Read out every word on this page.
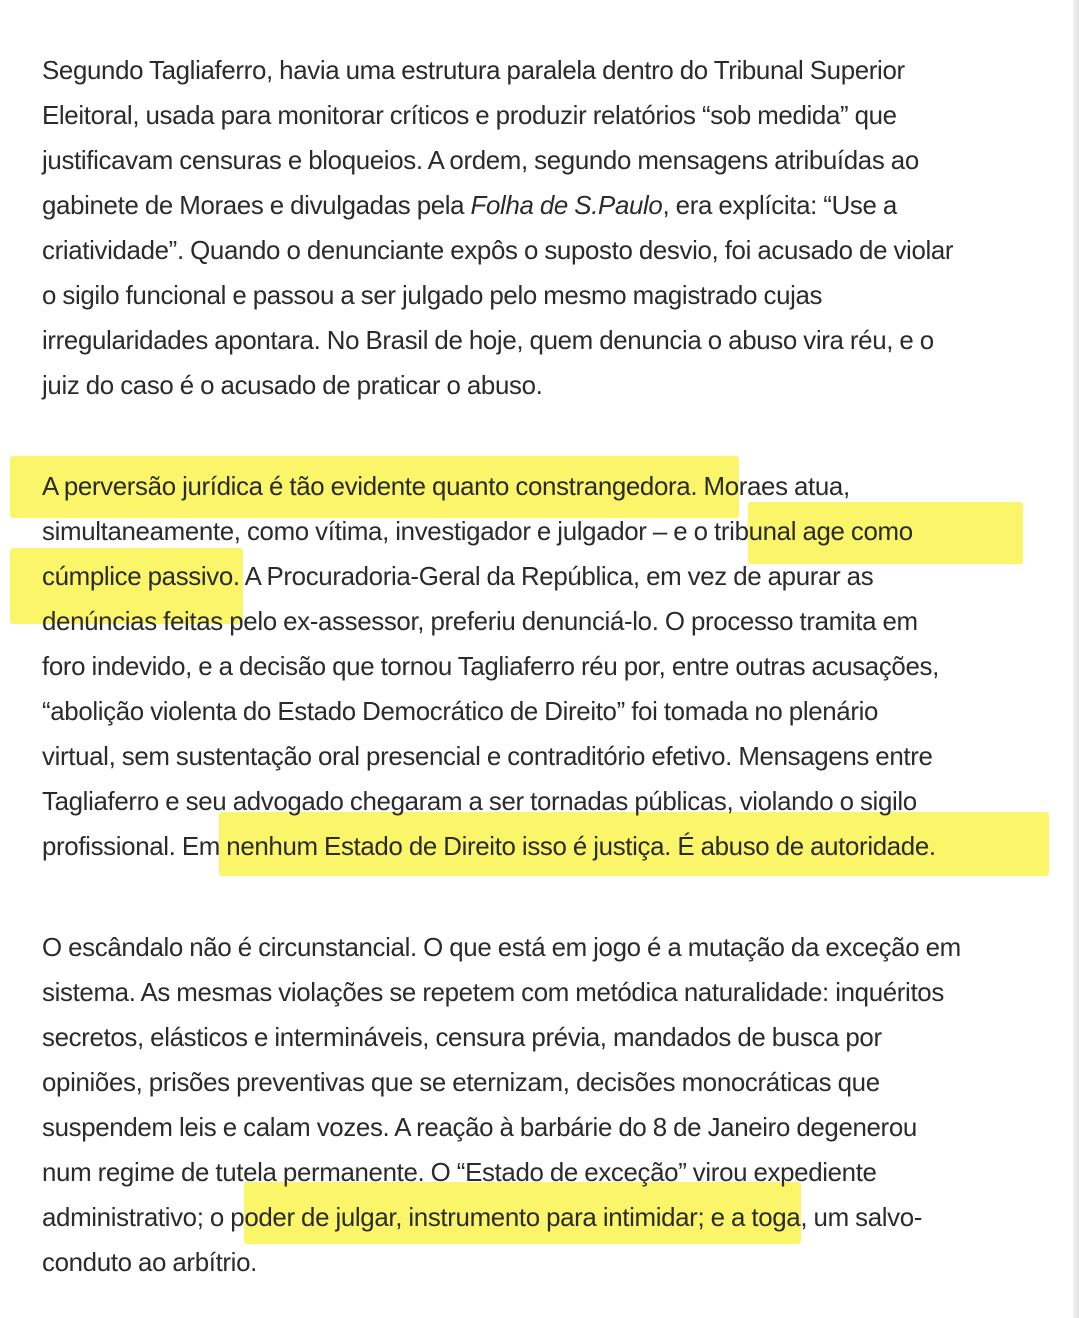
Segundo Tagliaferro, havia uma estrutura paralela dentro do Tribunal Superior
Eleitoral, usada para monitorar críticos e produzir relatórios “sob medida” que
justificavam censuras e bloqueios. A ordem, segundo mensagens atribuídas ao
gabinete de Moraes e divulgadas pela Folha de S.Paulo, era explícita: “Use a
criatividade”. Quando o denunciante expôs o suposto desvio, foi acusado de violar
o sigilo funcional e passou a ser julgado pelo mesmo magistrado cujas
irregularidades apontara. No Brasil de hoje, quem denuncia o abuso vira réu, e o
juiz do caso é o acusado de praticar o abuso.
A perversão jurídica é tão evidente quanto constrangedora. Moraes atua,
simultaneamente, como vítima, investigador e julgador – e o tribunal age como
cúmplice passivo. A Procuradoria-Geral da República, em vez de apurar as
denúncias feitas pelo ex-assessor, preferiu denunciá-lo. O processo tramita em
foro indevido, e a decisão que tornou Tagliaferro réu por, entre outras acusações,
“abolição violenta do Estado Democrático de Direito” foi tomada no plenário
virtual, sem sustentação oral presencial e contraditório efetivo. Mensagens entre
Tagliaferro e seu advogado chegaram a ser tornadas públicas, violando o sigilo
profissional. Em nenhum Estado de Direito isso é justiça. É abuso de autoridade.
O escândalo não é circunstancial. O que está em jogo é a mutação da exceção em
sistema. As mesmas violações se repetem com metódica naturalidade: inquéritos
secretos, elásticos e intermináveis, censura prévia, mandados de busca por
opiniões, prisões preventivas que se eternizam, decisões monocráticas que
suspendem leis e calam vozes. A reação à barbárie do 8 de Janeiro degenerou
num regime de tutela permanente. O “Estado de exceção” virou expediente
administrativo; o poder de julgar, instrumento para intimidar; e a toga, um salvo-
conduto ao arbítrio.
